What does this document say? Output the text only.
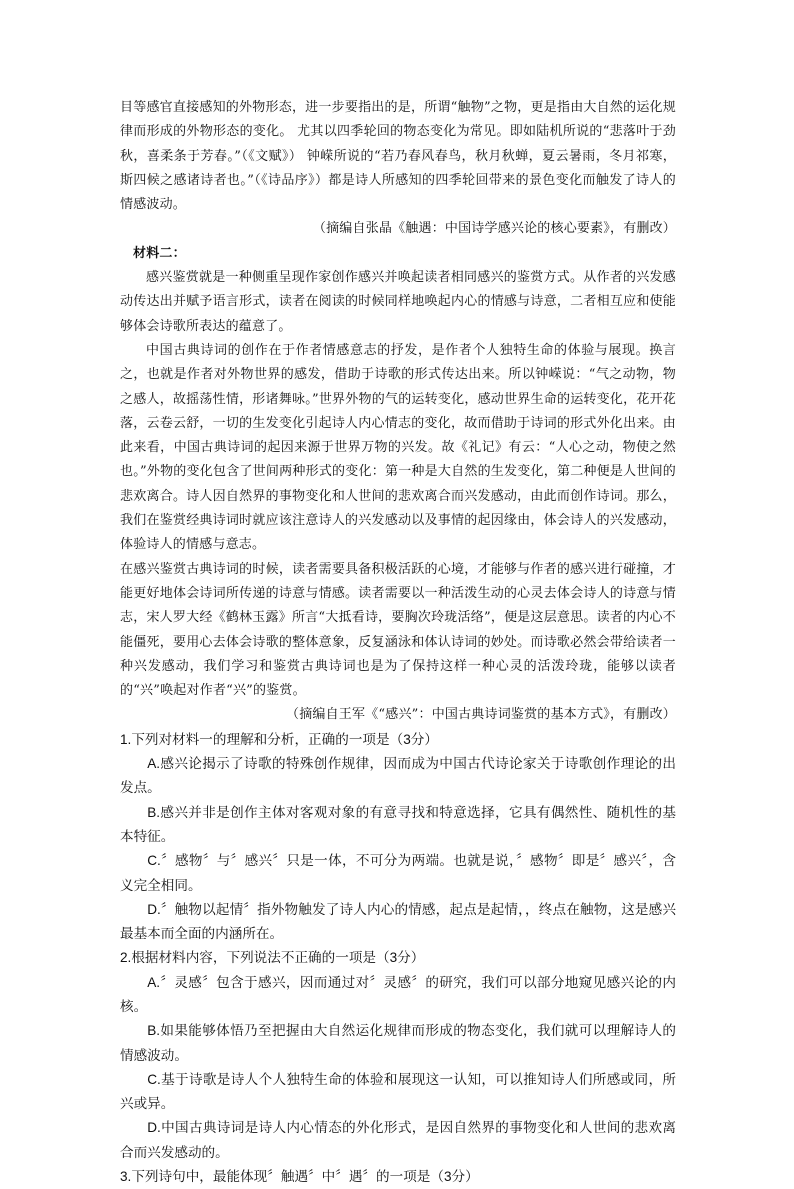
目等感官直接感知的外物形态，进一步要指出的是，所谓“触物”之物，更是指由大自然的运化规律而形成的外物形态的变化。 尤其以四季轮回的物态变化为常见。即如陆机所说的“悲落叶于劲秋，喜柔条于芳春。”（《文赋》） 钟嵘所说的“若乃春风春鸟，秋月秋蝉，夏云暑雨，冬月祁寒，斯四候之感诸诗者也。”（《诗品序》）都是诗人所感知的四季轮回带来的景色变化而触发了诗人的情感波动。

（摘编自张晶《触遇：中国诗学感兴论的核心要素》，有删改）

材料二：

感兴鉴赏就是一种侧重呈现作家创作感兴并唤起读者相同感兴的鉴赏方式。从作者的兴发感动传达出并赋予语言形式，读者在阅读的时候同样地唤起内心的情感与诗意，二者相互应和使能够体会诗歌所表达的蕴意了。

中国古典诗词的创作在于作者情感意志的抒发，是作者个人独特生命的体验与展现。换言之，也就是作者对外物世界的感发，借助于诗歌的形式传达出来。所以钟嵘说：“气之动物，物之感人，故摇荡性情，形诸舞咏。”世界外物的气的运转变化，感动世界生命的运转变化，花开花落，云卷云舒，一切的生发变化引起诗人内心情志的变化，故而借助于诗词的形式外化出来。由此来看，中国古典诗词的起因来源于世界万物的兴发。故《礼记》有云：“人心之动，物使之然也。”外物的变化包含了世间两种形式的变化：第一种是大自然的生发变化，第二种便是人世间的悲欢离合。诗人因自然界的事物变化和人世间的悲欢离合而兴发感动，由此而创作诗词。那么，我们在鉴赏经典诗词时就应该注意诗人的兴发感动以及事情的起因缘由，体会诗人的兴发感动，体验诗人的情感与意志。

在感兴鉴赏古典诗词的时候，读者需要具备积极活跃的心境，才能够与作者的感兴进行碰撞，才能更好地体会诗词所传递的诗意与情感。读者需要以一种活泼生动的心灵去体会诗人的诗意与情志，宋人罗大经《鹤林玉露》所言“大抵看诗，要胸次玲珑活络”，便是这层意思。读者的内心不能僵死，要用心去体会诗歌的整体意象，反复涵泳和体认诗词的妙处。而诗歌必然会带给读者一种兴发感动，我们学习和鉴赏古典诗词也是为了保持这样一种心灵的活泼玲珑，能够以读者的“兴”唤起对作者“兴”的鉴赏。

（摘编自王军《“感兴”：中国古典诗词鉴赏的基本方式》，有删改）

1.下列对材料一的理解和分析，正确的一项是（3分）

A.感兴论揭示了诗歌的特殊创作规律，因而成为中国古代诗论家关于诗歌创作理论的出发点。

B.感兴并非是创作主体对客观对象的有意寻找和特意选择，它具有偶然性、随机性的基本特征。

C.〞感物〞与〞感兴〞只是一体，不可分为两端。也就是说，〞感物〞即是〞感兴〞，含义完全相同。

D.〞触物以起情〞指外物触发了诗人内心的情感，起点是起情，，终点在触物，这是感兴最基本而全面的内涵所在。

2.根据材料内容，下列说法不正确的一项是（3分）

A.〞灵感〞包含于感兴，因而通过对〞灵感〞的研究，我们可以部分地窥见感兴论的内核。

B.如果能够体悟乃至把握由大自然运化规律而形成的物态变化，我们就可以理解诗人的情感波动。

C.基于诗歌是诗人个人独特生命的体验和展现这一认知，可以推知诗人们所感或同，所兴或异。

D.中国古典诗词是诗人内心情态的外化形式，是因自然界的事物变化和人世间的悲欢离合而兴发感动的。

3.下列诗句中，最能体现〞触遇〞中〞遇〞的一项是（3分）
